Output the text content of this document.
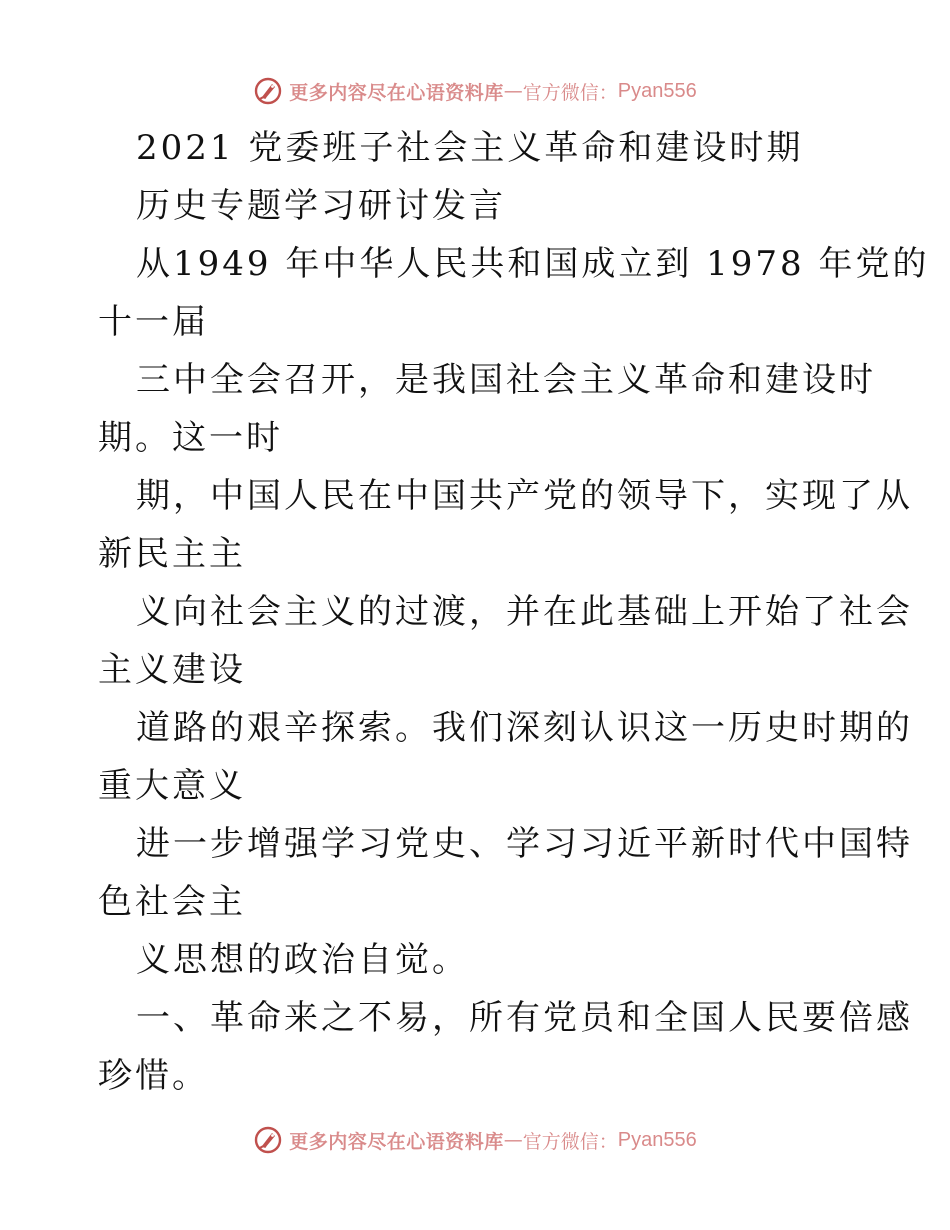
更多内容尽在心语资料库 — 官方微信： Pyan556
2021 党委班子社会主义革命和建设时期
历史专题学习研讨发言
从1949 年中华人民共和国成立到 1978 年党的
十一届
三中全会召开，是我国社会主义革命和建设时
期。这一时
期，中国人民在中国共产党的领导下，实现了从
新民主主
义向社会主义的过渡，并在此基础上开始了社会
主义建设
道路的艰辛探索。我们深刻认识这一历史时期的
重大意义
进一步增强学习党史、学习习近平新时代中国特
色社会主
义思想的政治自觉。
一、革命来之不易，所有党员和全国人民要倍感
珍惜。
更多内容尽在心语资料库 — 官方微信： Pyan556
